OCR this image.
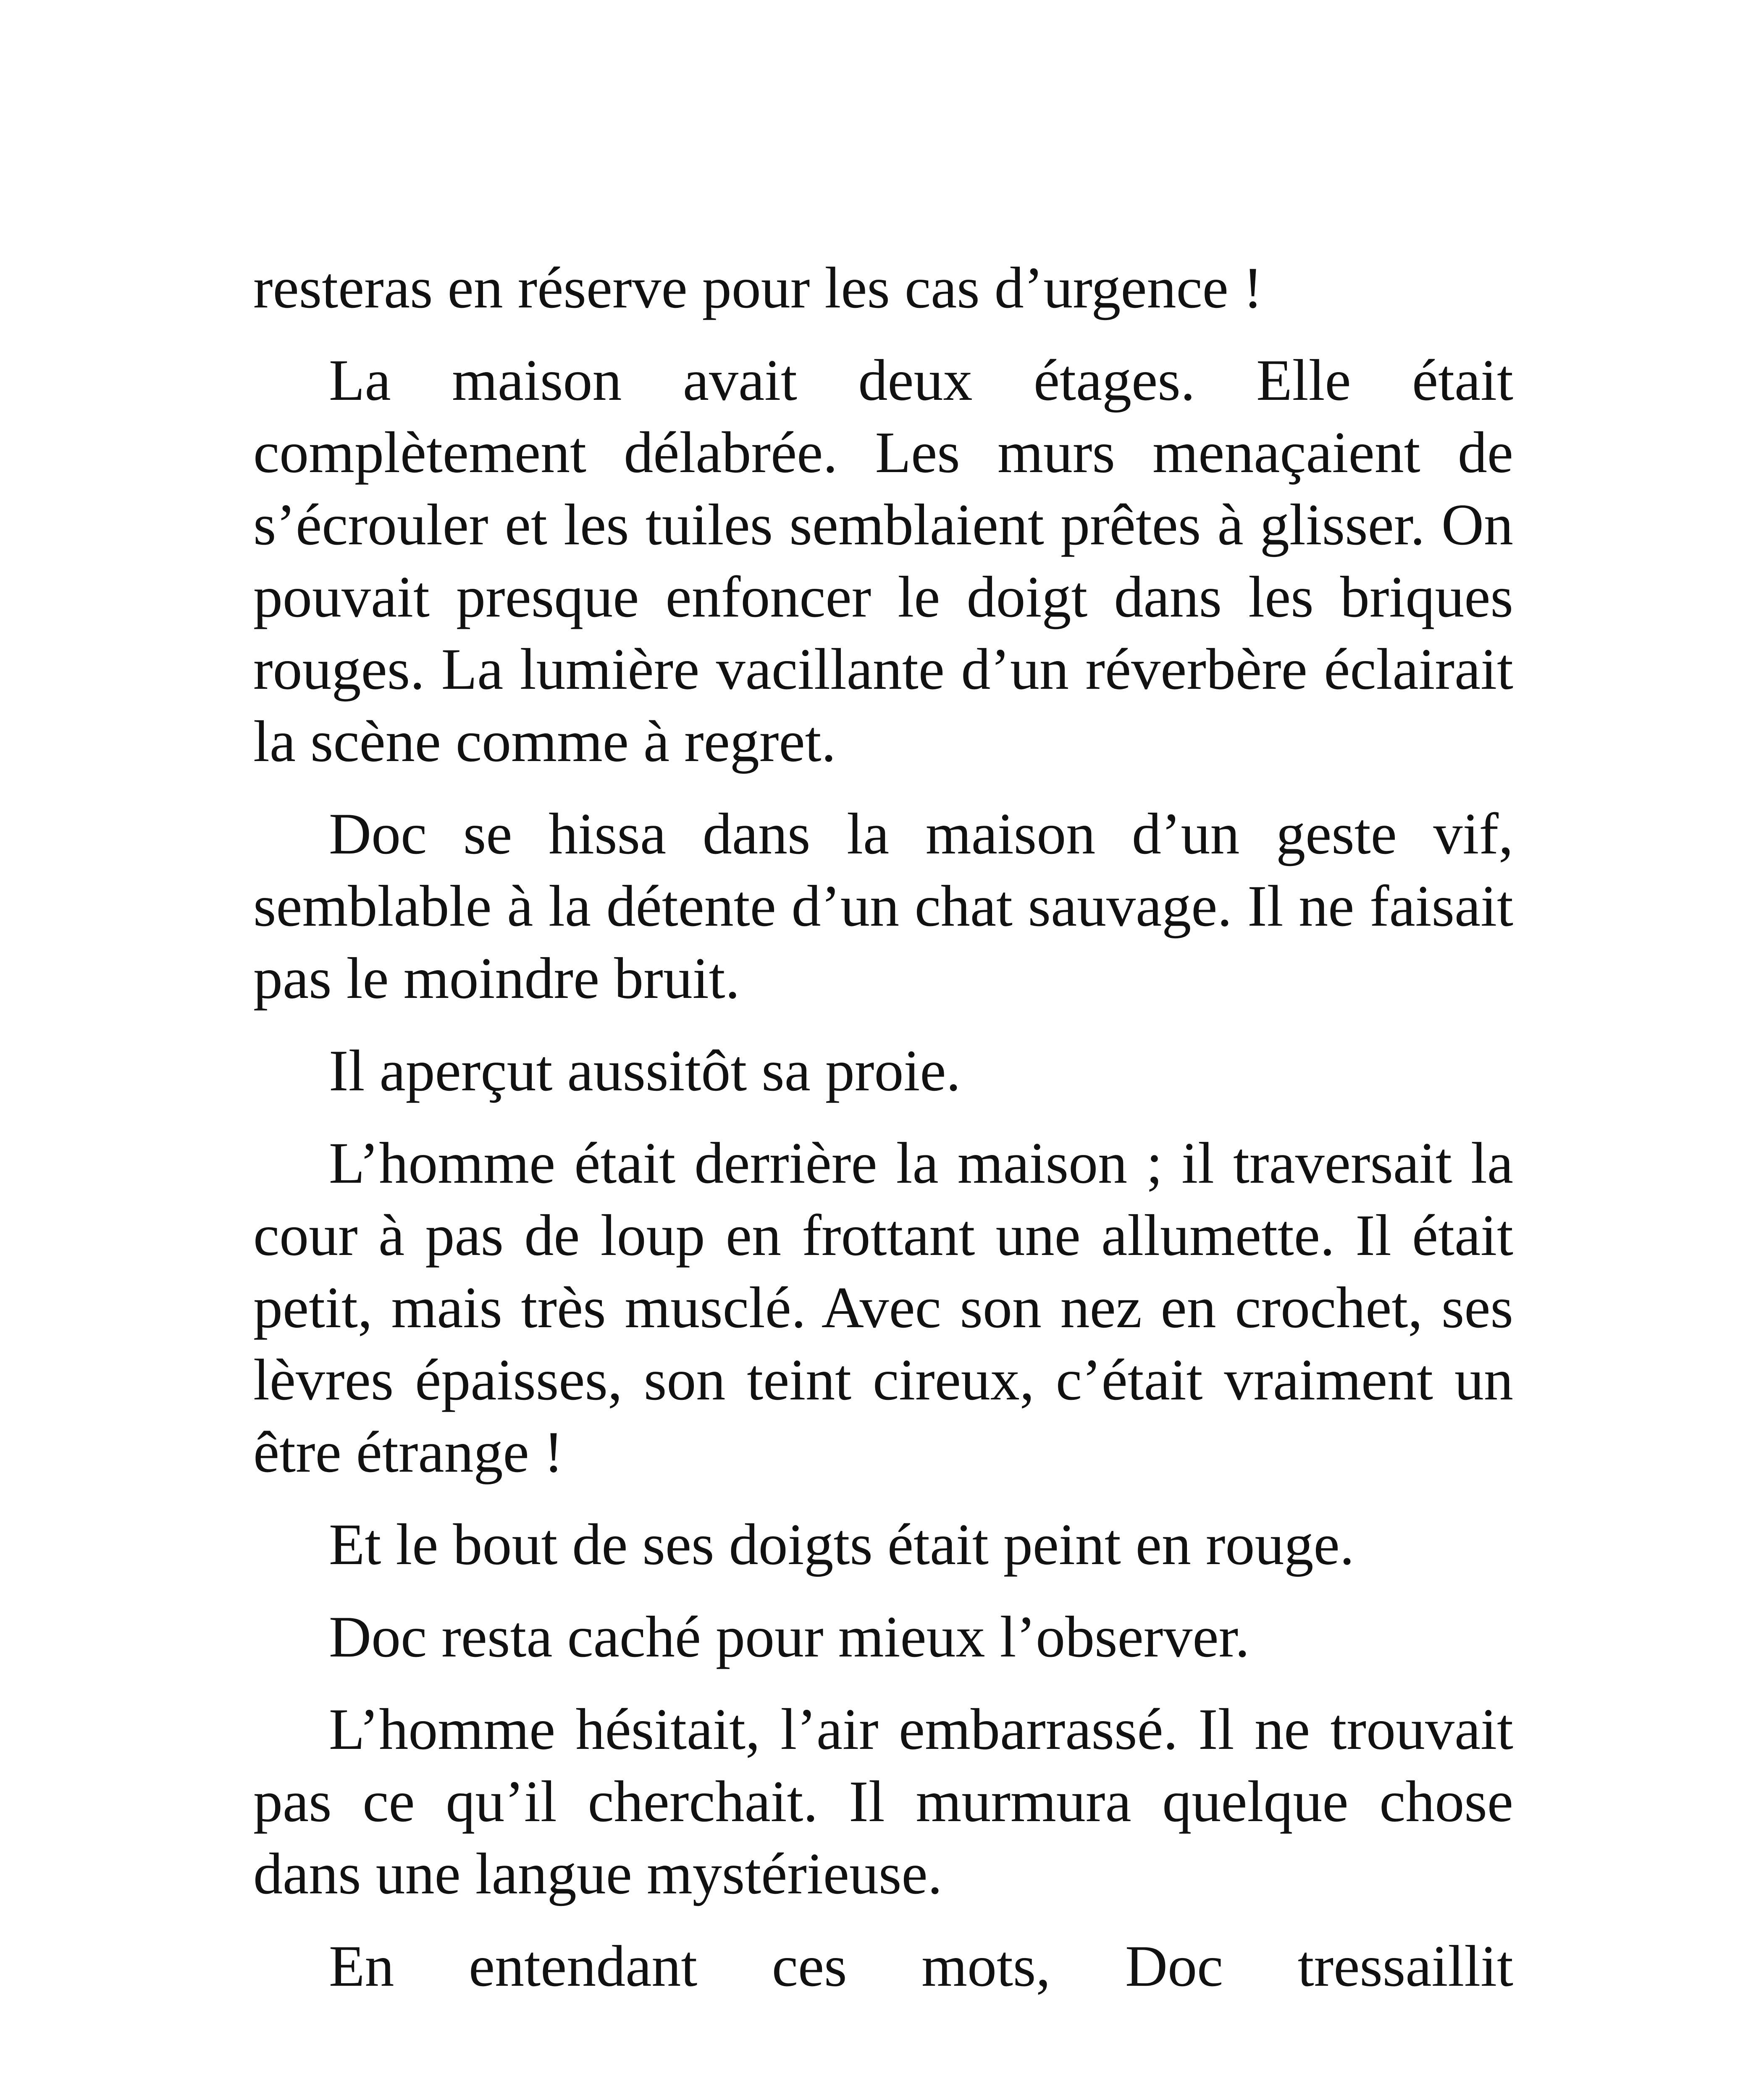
resteras en réserve pour les cas d’urgence !

La maison avait deux étages. Elle était complètement délabrée. Les murs menaçaient de s’écrouler et les tuiles semblaient prêtes à glisser. On pouvait presque enfoncer le doigt dans les briques rouges. La lumière vacillante d’un réverbère éclairait la scène comme à regret.

Doc se hissa dans la maison d’un geste vif, semblable à la détente d’un chat sauvage. Il ne faisait pas le moindre bruit.

Il aperçut aussitôt sa proie.

L’homme était derrière la maison ; il traversait la cour à pas de loup en frottant une allumette. Il était petit, mais très musclé. Avec son nez en crochet, ses lèvres épaisses, son teint cireux, c’était vraiment un être étrange !

Et le bout de ses doigts était peint en rouge.

Doc resta caché pour mieux l’observer.

L’homme hésitait, l’air embarrassé. Il ne trouvait pas ce qu’il cherchait. Il murmura quelque chose dans une langue mystérieuse.

En entendant ces mots, Doc tressaillit
